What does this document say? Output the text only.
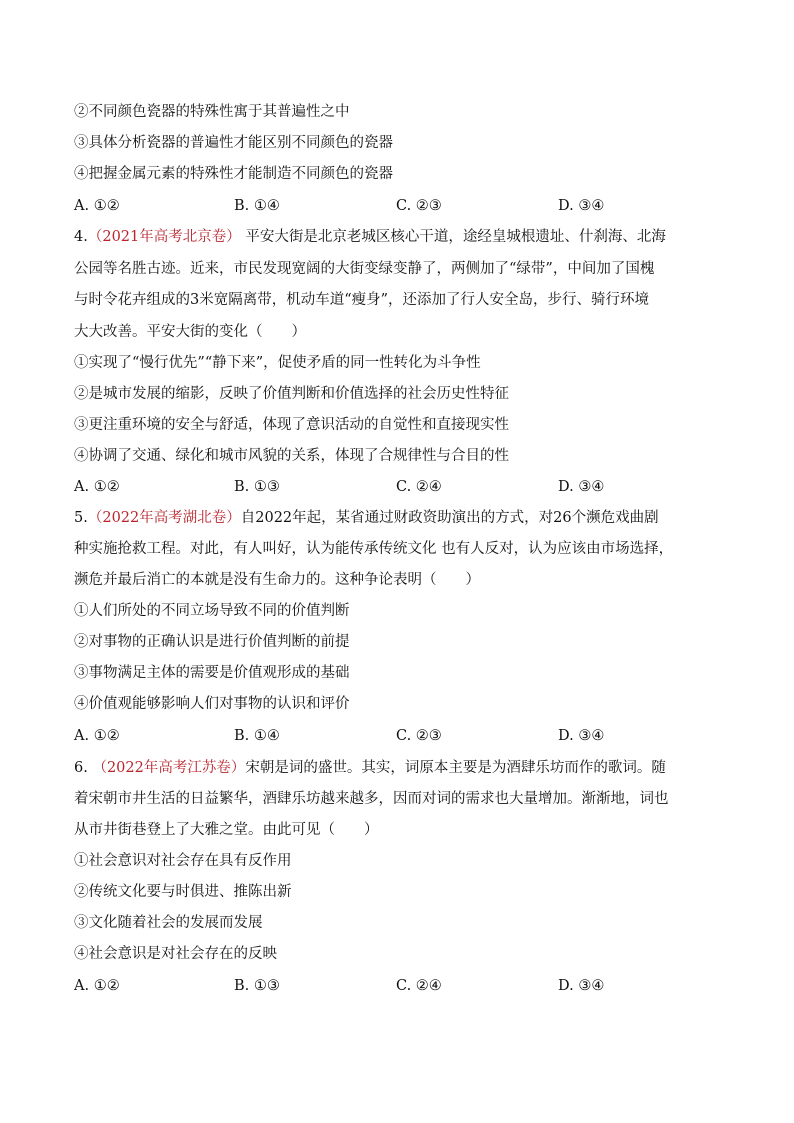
②不同颜色瓷器的特殊性寓于其普遍性之中
③具体分析瓷器的普遍性才能区别不同颜色的瓷器
④把握金属元素的特殊性才能制造不同颜色的瓷器
A. ①②	B. ①④	C. ②③	D. ③④
4.（2021年高考北京卷） 平安大街是北京老城区核心干道，途经皇城根遗址、什刹海、北海
公园等名胜古迹。近来，市民发现宽阔的大街变绿变静了，两侧加了“绿带”，中间加了国槐
与时令花卉组成的3米宽隔离带，机动车道“瘦身”，还添加了行人安全岛，步行、骑行环境
大大改善。平安大街的变化（　　）
①实现了“慢行优先”“静下来”，促使矛盾的同一性转化为斗争性
②是城市发展的缩影，反映了价值判断和价值选择的社会历史性特征
③更注重环境的安全与舒适，体现了意识活动的自觉性和直接现实性
④协调了交通、绿化和城市风貌的关系，体现了合规律性与合目的性
A. ①②	B. ①③	C. ②④	D. ③④
5.（2022年高考湖北卷）自2022年起，某省通过财政资助演出的方式，对26个濒危戏曲剧
种实施抢救工程。对此，有人叫好，认为能传承传统文化 也有人反对，认为应该由市场选择，
濒危并最后消亡的本就是没有生命力的。这种争论表明（　　）
①人们所处的不同立场导致不同的价值判断
②对事物的正确认识是进行价值判断的前提
③事物满足主体的需要是价值观形成的基础
④价值观能够影响人们对事物的认识和评价
A. ①②	B. ①④	C. ②③	D. ③④
6. （2022年高考江苏卷）宋朝是词的盛世。其实，词原本主要是为酒肆乐坊而作的歌词。随
着宋朝市井生活的日益繁华，酒肆乐坊越来越多，因而对词的需求也大量增加。渐渐地，词也
从市井街巷登上了大雅之堂。由此可见（　　）
①社会意识对社会存在具有反作用
②传统文化要与时俱进、推陈出新
③文化随着社会的发展而发展
④社会意识是对社会存在的反映
A. ①②	B. ①③	C. ②④	D. ③④
